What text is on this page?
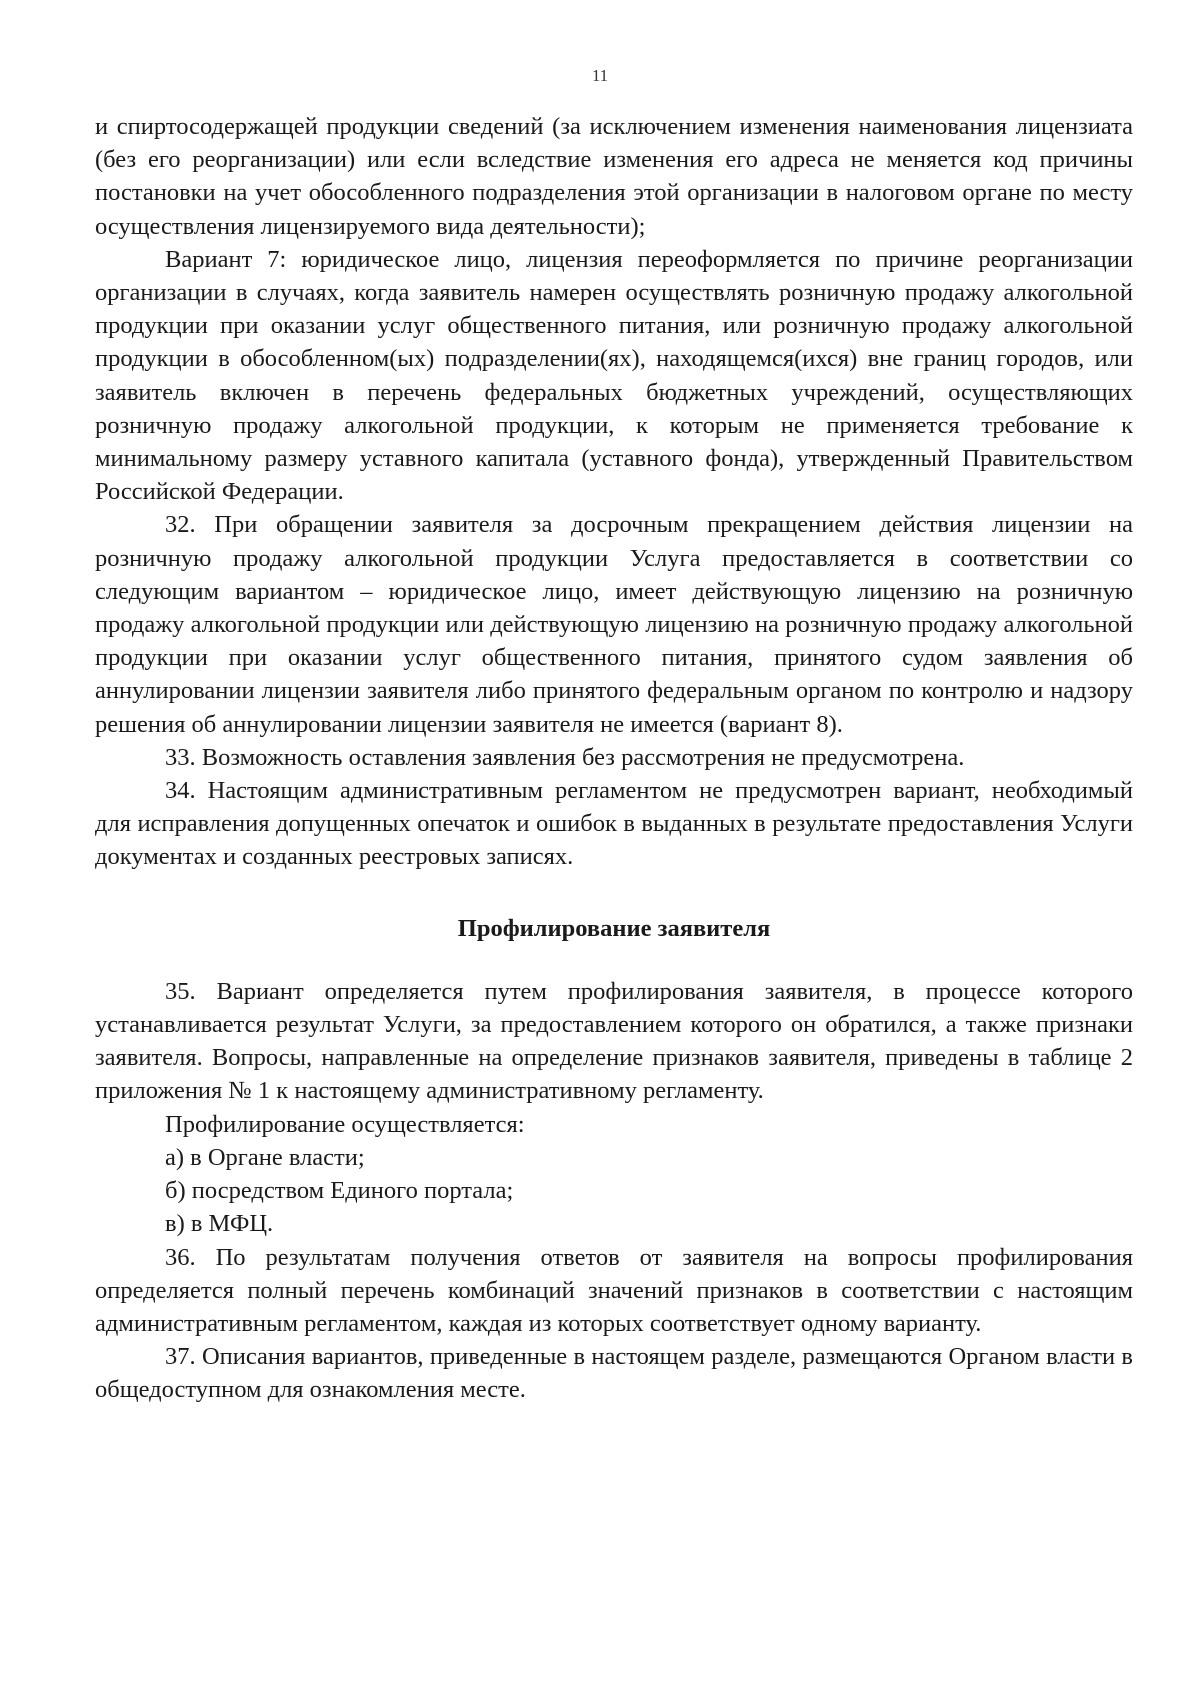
11

и спиртосодержащей продукции сведений (за исключением изменения наименования лицензиата (без его реорганизации) или если вследствие изменения его адреса не меняется код причины постановки на учет обособленного подразделения этой организации в налоговом органе по месту осуществления лицензируемого вида деятельности);

Вариант 7: юридическое лицо, лицензия переоформляется по причине реорганизации организации в случаях, когда заявитель намерен осуществлять розничную продажу алкогольной продукции при оказании услуг общественного питания, или розничную продажу алкогольной продукции в обособленном(ых) подразделении(ях), находящемся(ихся) вне границ городов, или заявитель включен в перечень федеральных бюджетных учреждений, осуществляющих розничную продажу алкогольной продукции, к которым не применяется требование к минимальному размеру уставного капитала (уставного фонда), утвержденный Правительством Российской Федерации.

32. При обращении заявителя за досрочным прекращением действия лицензии на розничную продажу алкогольной продукции Услуга предоставляется в соответствии со следующим вариантом – юридическое лицо, имеет действующую лицензию на розничную продажу алкогольной продукции или действующую лицензию на розничную продажу алкогольной продукции при оказании услуг общественного питания, принятого судом заявления об аннулировании лицензии заявителя либо принятого федеральным органом по контролю и надзору решения об аннулировании лицензии заявителя не имеется (вариант 8).

33. Возможность оставления заявления без рассмотрения не предусмотрена.

34. Настоящим административным регламентом не предусмотрен вариант, необходимый для исправления допущенных опечаток и ошибок в выданных в результате предоставления Услуги документах и созданных реестровых записях.

Профилирование заявителя

35. Вариант определяется путем профилирования заявителя, в процессе которого устанавливается результат Услуги, за предоставлением которого он обратился, а также признаки заявителя. Вопросы, направленные на определение признаков заявителя, приведены в таблице 2 приложения № 1 к настоящему административному регламенту.

Профилирование осуществляется:

а) в Органе власти;

б) посредством Единого портала;

в) в МФЦ.

36. По результатам получения ответов от заявителя на вопросы профилирования определяется полный перечень комбинаций значений признаков в соответствии с настоящим административным регламентом, каждая из которых соответствует одному варианту.

37. Описания вариантов, приведенные в настоящем разделе, размещаются Органом власти в общедоступном для ознакомления месте.
